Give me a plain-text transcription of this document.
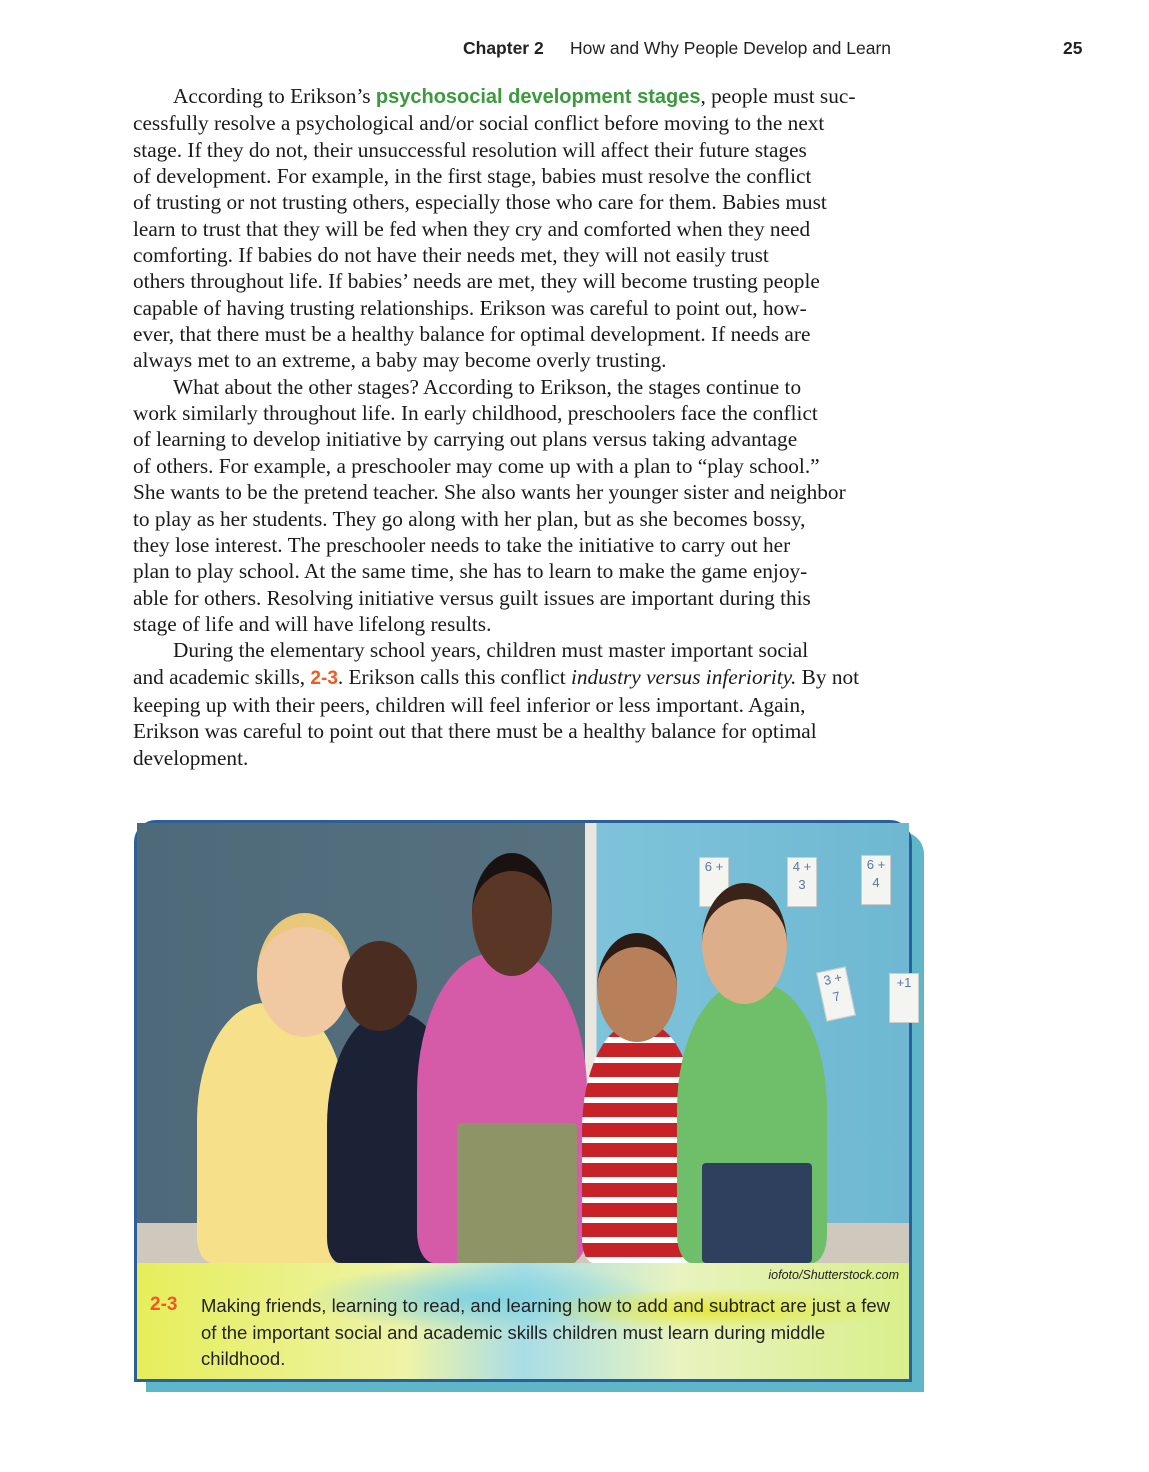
Chapter 2 How and Why People Develop and Learn	25
According to Erikson’s psychosocial development stages, people must suc-
cessfully resolve a psychological and/or social conflict before moving to the next
stage. If they do not, their unsuccessful resolution will affect their future stages
of development. For example, in the first stage, babies must resolve the conflict
of trusting or not trusting others, especially those who care for them. Babies must
learn to trust that they will be fed when they cry and comforted when they need
comforting. If babies do not have their needs met, they will not easily trust
others throughout life. If babies’ needs are met, they will become trusting people
capable of having trusting relationships. Erikson was careful to point out, how-
ever, that there must be a healthy balance for optimal development. If needs are
always met to an extreme, a baby may become overly trusting.
What about the other stages? According to Erikson, the stages continue to
work similarly throughout life. In early childhood, preschoolers face the conflict
of learning to develop initiative by carrying out plans versus taking advantage
of others. For example, a preschooler may come up with a plan to “play school.”
She wants to be the pretend teacher. She also wants her younger sister and neighbor
to play as her students. They go along with her plan, but as she becomes bossy,
they lose interest. The preschooler needs to take the initiative to carry out her
plan to play school. At the same time, she has to learn to make the game enjoy-
able for others. Resolving initiative versus guilt issues are important during this
stage of life and will have lifelong results.
During the elementary school years, children must master important social
and academic skills, 2-3. Erikson calls this conflict industry versus inferiority. By not
keeping up with their peers, children will feel inferior or less important. Again,
Erikson was careful to point out that there must be a healthy balance for optimal
development.
6 +	4 + 3
6 + 4
3 + 7
+1
iofoto/Shutterstock.com
2-3 Making friends, learning to read, and learning how to add and subtract are just a few of the important social and academic skills children must learn during middle childhood.
